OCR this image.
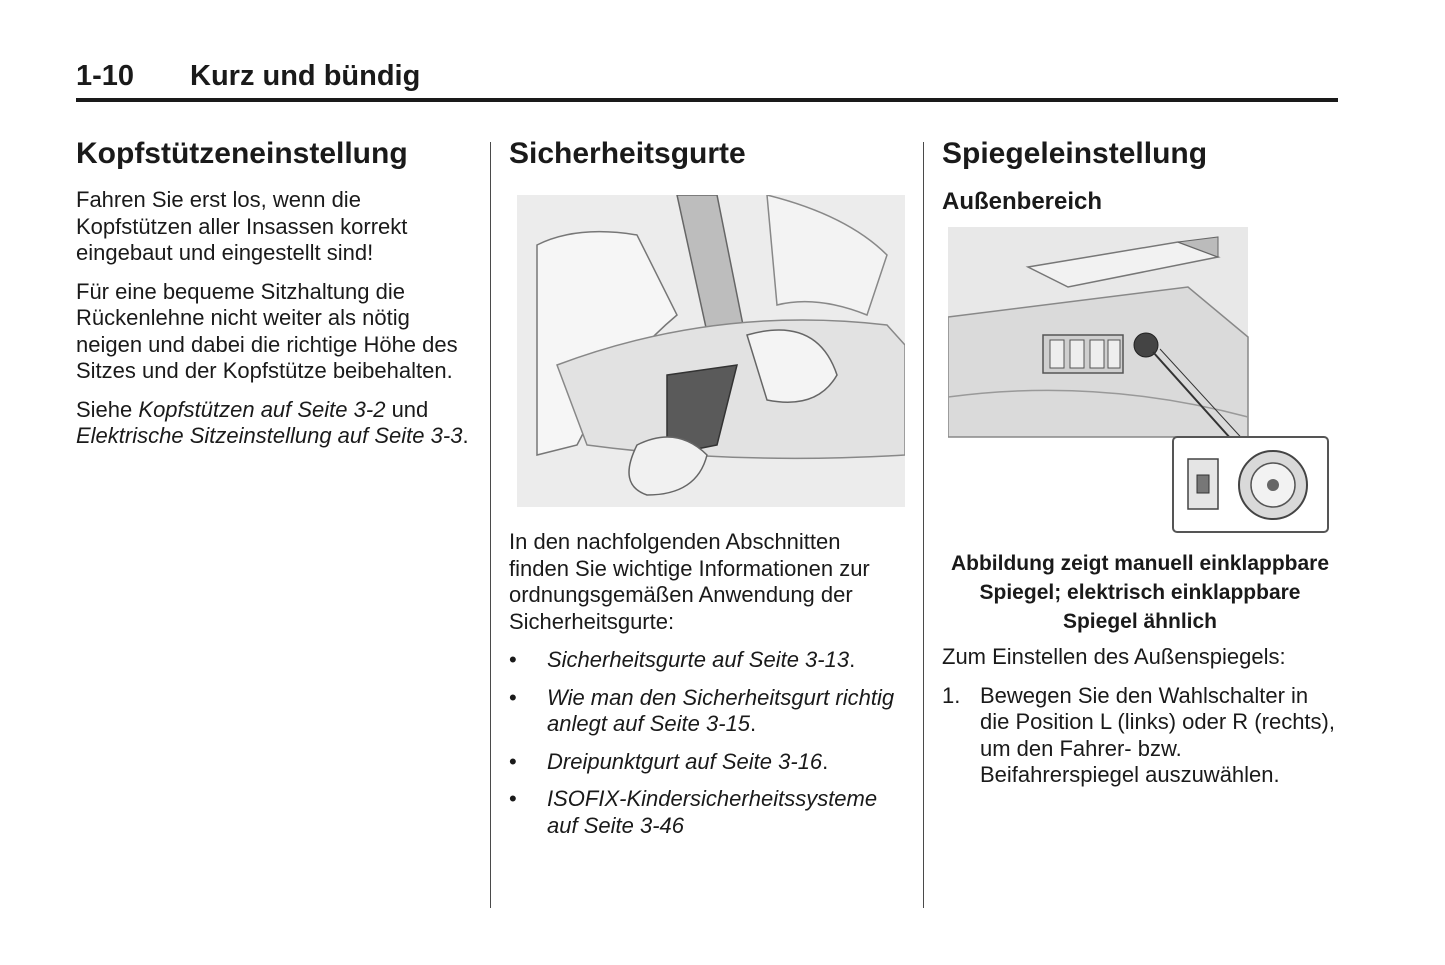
1-10 Kurz und bündig
Kopfstützeneinstellung

Fahren Sie erst los, wenn die Kopfstützen aller Insassen korrekt eingebaut und eingestellt sind!

Für eine bequeme Sitzhaltung die Rückenlehne nicht weiter als nötig neigen und dabei die richtige Höhe des Sitzes und der Kopfstütze beibehalten.

Siehe Kopfstützen auf Seite 3-2 und Elektrische Sitzeinstellung auf Seite 3-3.

Sicherheitsgurte

In den nachfolgenden Abschnitten finden Sie wichtige Informationen zur ordnungsgemäßen Anwendung der Sicherheitsgurte:

• Sicherheitsgurte auf Seite 3-13.
• Wie man den Sicherheitsgurt richtig anlegt auf Seite 3-15.
• Dreipunktgurt auf Seite 3-16.
• ISOFIX-Kindersicherheitssysteme auf Seite 3-46
Spiegeleinstellung
Außenbereich
Abbildung zeigt manuell einklappbare Spiegel; elektrisch einklappbare Spiegel ähnlich

Zum Einstellen des Außenspiegels:

1. Bewegen Sie den Wahlschalter in die Position L (links) oder R (rechts), um den Fahrer- bzw. Beifahrerspiegel auszuwählen.
